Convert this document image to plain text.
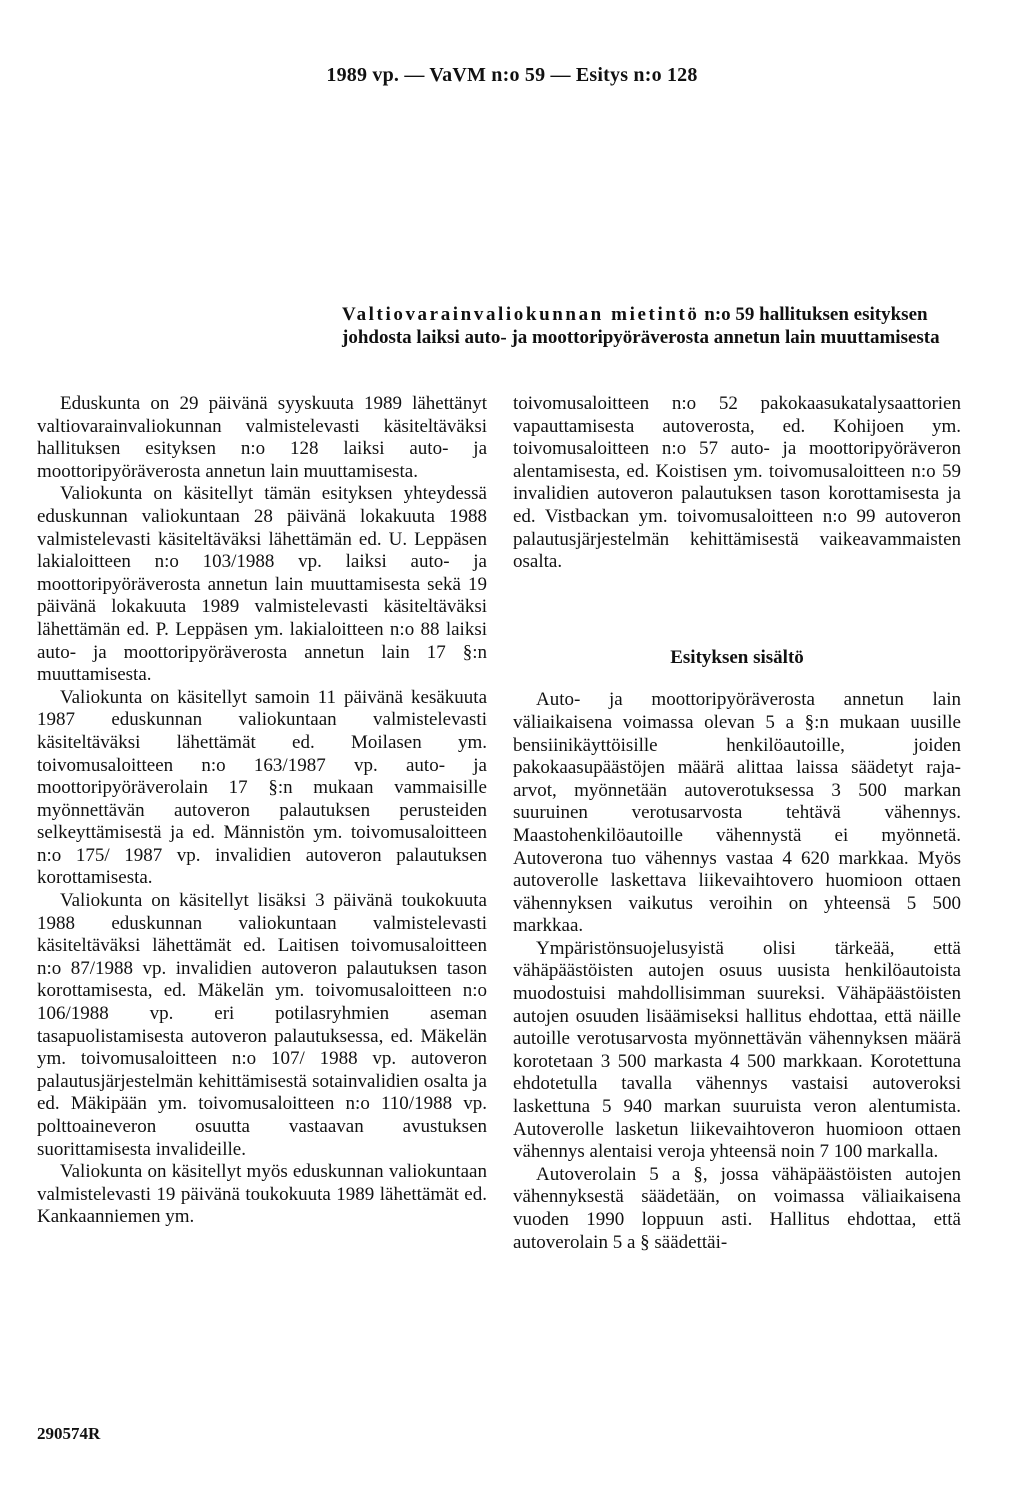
1989 vp. — VaVM n:o 59 — Esitys n:o 128
Valtiovarainvaliokunnan mietintö n:o 59 hallituksen esityksen johdosta laiksi auto- ja moottoripyöräverosta annetun lain muuttamisesta

Eduskunta on 29 päivänä syyskuuta 1989 lähettänyt valtiovarainvaliokunnan valmistelevasti käsiteltäväksi hallituksen esityksen n:o 128 laiksi auto- ja moottoripyöräverosta annetun lain muuttamisesta.

Valiokunta on käsitellyt tämän esityksen yhteydessä eduskunnan valiokuntaan 28 päivänä lokakuuta 1988 valmistelevasti käsiteltäväksi lähettämän ed. U. Leppäsen lakialoitteen n:o 103/1988 vp. laiksi auto- ja moottoripyöräverosta annetun lain muuttamisesta sekä 19 päivänä lokakuuta 1989 valmistelevasti käsiteltäväksi lähettämän ed. P. Leppäsen ym. lakialoitteen n:o 88 laiksi auto- ja moottoripyöräverosta annetun lain 17 §:n muuttamisesta.

Valiokunta on käsitellyt samoin 11 päivänä kesäkuuta 1987 eduskunnan valiokuntaan valmistelevasti käsiteltäväksi lähettämät ed. Moilasen ym. toivomusaloitteen n:o 163/1987 vp. auto- ja moottoripyöräverolain 17 §:n mukaan vammaisille myönnettävän autoveron palautuksen perusteiden selkeyttämisestä ja ed. Männistön ym. toivomusaloitteen n:o 175/ 1987 vp. invalidien autoveron palautuksen korottamisesta.

Valiokunta on käsitellyt lisäksi 3 päivänä toukokuuta 1988 eduskunnan valiokuntaan valmistelevasti käsiteltäväksi lähettämät ed. Laitisen toivomusaloitteen n:o 87/1988 vp. invalidien autoveron palautuksen tason korottamisesta, ed. Mäkelän ym. toivomusaloitteen n:o 106/1988 vp. eri potilasryhmien aseman tasapuolistamisesta autoveron palautuksessa, ed. Mäkelän ym. toivomusaloitteen n:o 107/ 1988 vp. autoveron palautusjärjestelmän kehittämisestä sotainvalidien osalta ja ed. Mäkipään ym. toivomusaloitteen n:o 110/1988 vp. polttoaineveron osuutta vastaavan avustuksen suorittamisesta invalideille.

Valiokunta on käsitellyt myös eduskunnan valiokuntaan valmistelevasti 19 päivänä toukokuuta 1989 lähettämät ed. Kankaanniemen ym.

toivomusaloitteen n:o 52 pakokaasukatalysaattorien vapauttamisesta autoverosta, ed. Kohijoen ym. toivomusaloitteen n:o 57 auto- ja moottoripyöräveron alentamisesta, ed. Koistisen ym. toivomusaloitteen n:o 59 invalidien autoveron palautuksen tason korottamisesta ja ed. Vistbackan ym. toivomusaloitteen n:o 99 autoveron palautusjärjestelmän kehittämisestä vaikeavammaisten osalta.

Esityksen sisältö

Auto- ja moottoripyöräverosta annetun lain väliaikaisena voimassa olevan 5 a §:n mukaan uusille bensiinikäyttöisille henkilöautoille, joiden pakokaasupäästöjen määrä alittaa laissa säädetyt raja-arvot, myönnetään autoverotuksessa 3 500 markan suuruinen verotusarvosta tehtävä vähennys. Maastohenkilöautoille vähennystä ei myönnetä. Autoverona tuo vähennys vastaa 4 620 markkaa. Myös autoverolle laskettava liikevaihtovero huomioon ottaen vähennyksen vaikutus veroihin on yhteensä 5 500 markkaa.

Ympäristönsuojelusyistä olisi tärkeää, että vähäpäästöisten autojen osuus uusista henkilöautoista muodostuisi mahdollisimman suureksi. Vähäpäästöisten autojen osuuden lisäämiseksi hallitus ehdottaa, että näille autoille verotusarvosta myönnettävän vähennyksen määrä korotetaan 3 500 markasta 4 500 markkaan. Korotettuna ehdotetulla tavalla vähennys vastaisi autoveroksi laskettuna 5 940 markan suuruista veron alentumista. Autoverolle lasketun liikevaihtoveron huomioon ottaen vähennys alentaisi veroja yhteensä noin 7 100 markalla.

Autoverolain 5 a §, jossa vähäpäästöisten autojen vähennyksestä säädetään, on voimassa väliaikaisena vuoden 1990 loppuun asti. Hallitus ehdottaa, että autoverolain 5 a § säädettäi-

290574R
